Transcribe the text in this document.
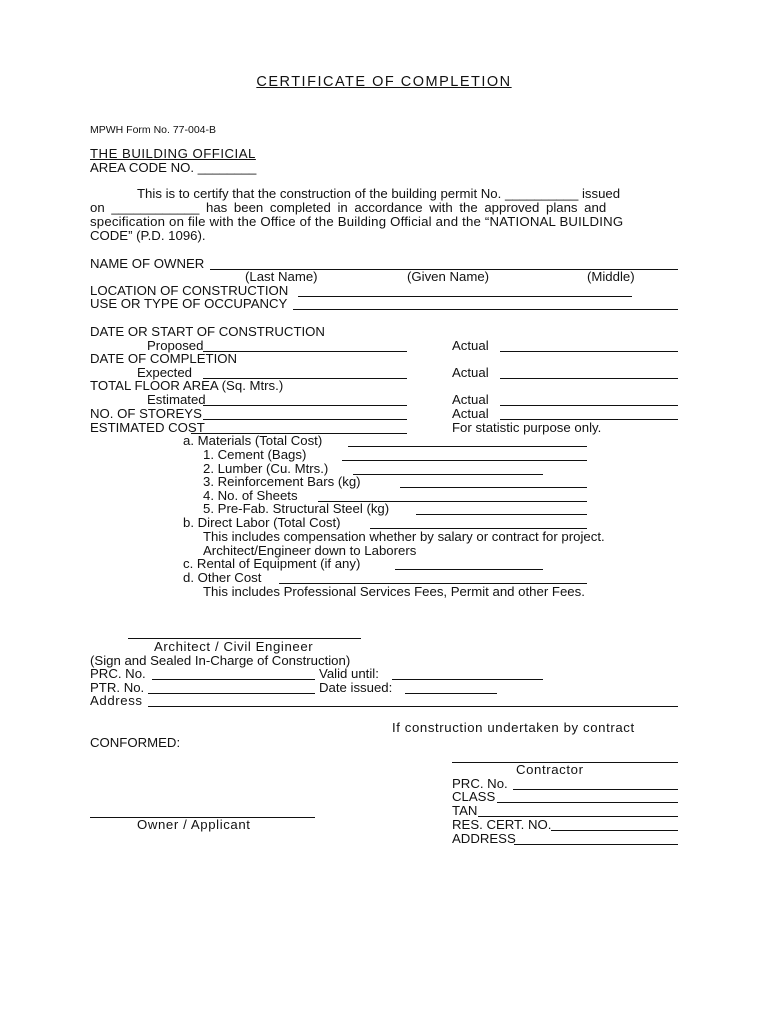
CERTIFICATE OF COMPLETION
MPWH Form No. 77-004-B
THE BUILDING OFFICIAL
AREA CODE NO. ________
This is to certify that the construction of the building permit No. __________ issued
on ____________ has been completed in accordance with the approved plans and
specification on file with the Office of the Building Official and the “NATIONAL BUILDING
CODE” (P.D. 1096).
NAME OF OWNER
(Last Name)	(Given Name)	(Middle)
LOCATION OF CONSTRUCTION
USE OR TYPE OF OCCUPANCY
DATE OR START OF CONSTRUCTION
Proposed	Actual
DATE OF COMPLETION
Expected	Actual
TOTAL FLOOR AREA (Sq. Mtrs.)
Estimated	Actual
NO. OF STOREYS	Actual
ESTIMATED COST	For statistic purpose only.
a. Materials (Total Cost)
1. Cement (Bags)
2. Lumber (Cu. Mtrs.)
3. Reinforcement Bars (kg)
4. No. of Sheets
5. Pre-Fab. Structural Steel (kg)
b. Direct Labor (Total Cost)
This includes compensation whether by salary or contract for project.
Architect/Engineer down to Laborers
c. Rental of Equipment (if any)
d. Other Cost
This includes Professional Services Fees, Permit and other Fees.
Architect / Civil Engineer
(Sign and Sealed In-Charge of Construction)
PRC. No.	Valid until:
PTR. No.	Date issued:
Address
If construction undertaken by contract
CONFORMED:
Contractor
PRC. No.
CLASS
TAN
RES. CERT. NO.
ADDRESS
Owner / Applicant
